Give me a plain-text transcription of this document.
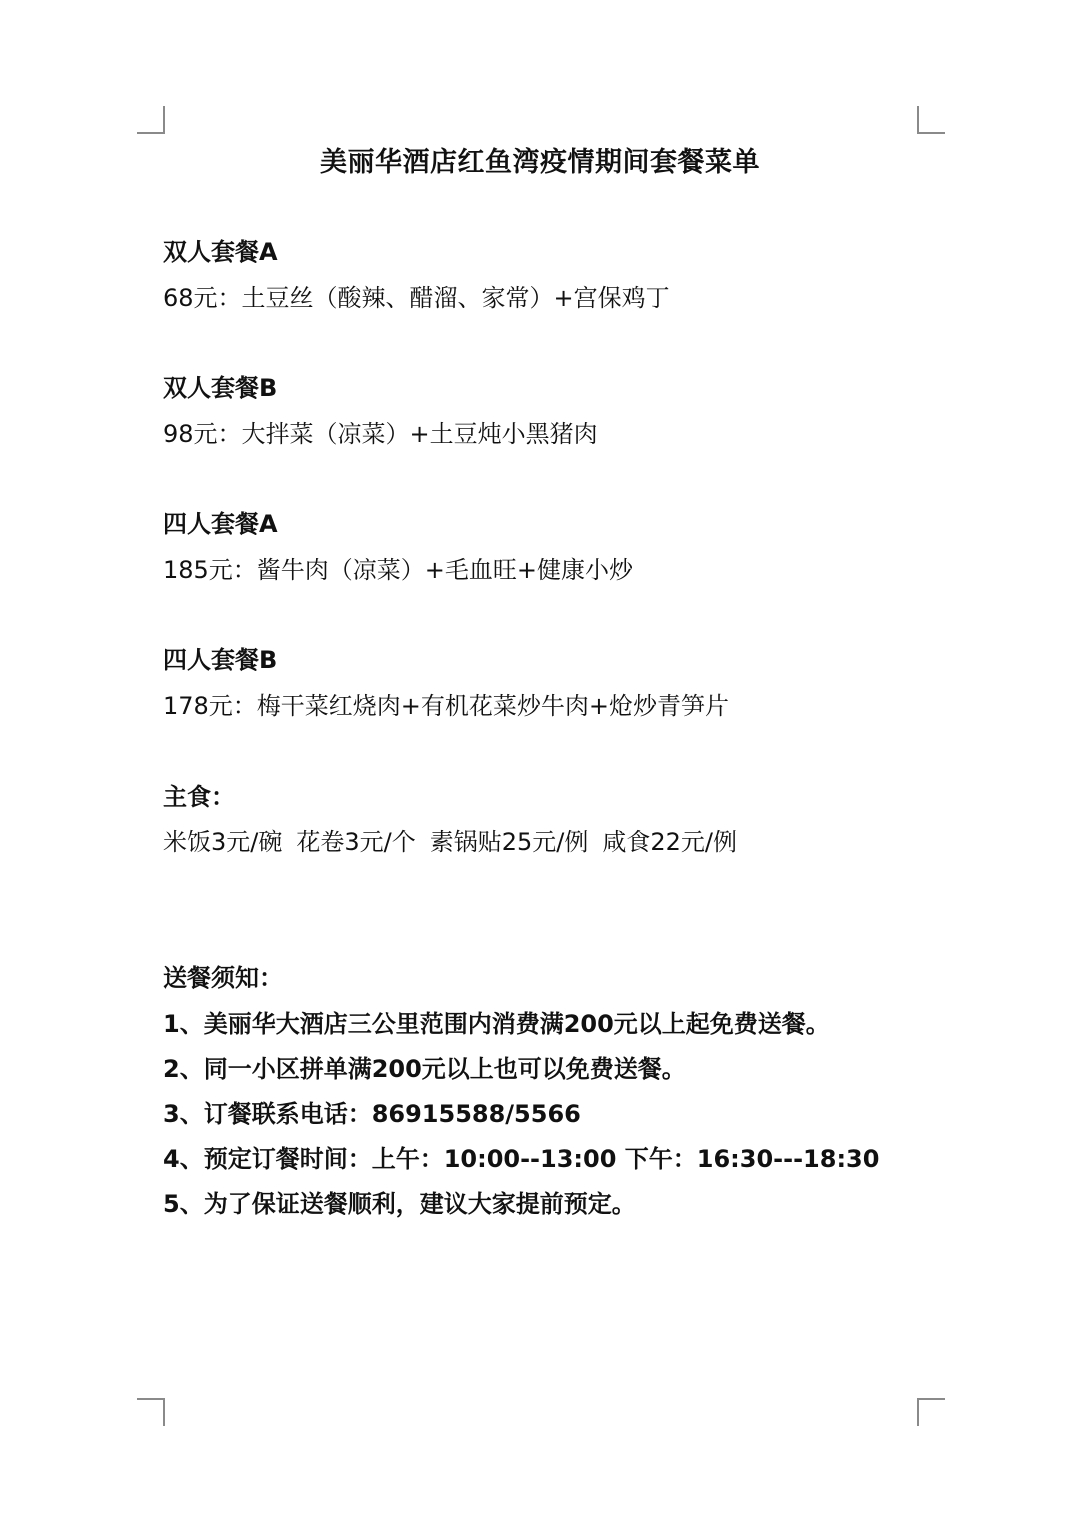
美丽华酒店红鱼湾疫情期间套餐菜单
双人套餐A
68元：土豆丝（酸辣、醋溜、家常）+宫保鸡丁
双人套餐B
98元：大拌菜（凉菜）+土豆炖小黑猪肉
四人套餐A
185元：酱牛肉（凉菜）+毛血旺+健康小炒
四人套餐B
178元：梅干菜红烧肉+有机花菜炒牛肉+炝炒青笋片
主食：
米饭3元/碗 花卷3元/个 素锅贴25元/例 咸食22元/例
送餐须知：
1、美丽华大酒店三公里范围内消费满200元以上起免费送餐。
2、同一小区拼单满200元以上也可以免费送餐。
3、订餐联系电话：86915588/5566
4、预定订餐时间：上午：10:00--13:00 下午：16:30---18:30
5、为了保证送餐顺利，建议大家提前预定。
